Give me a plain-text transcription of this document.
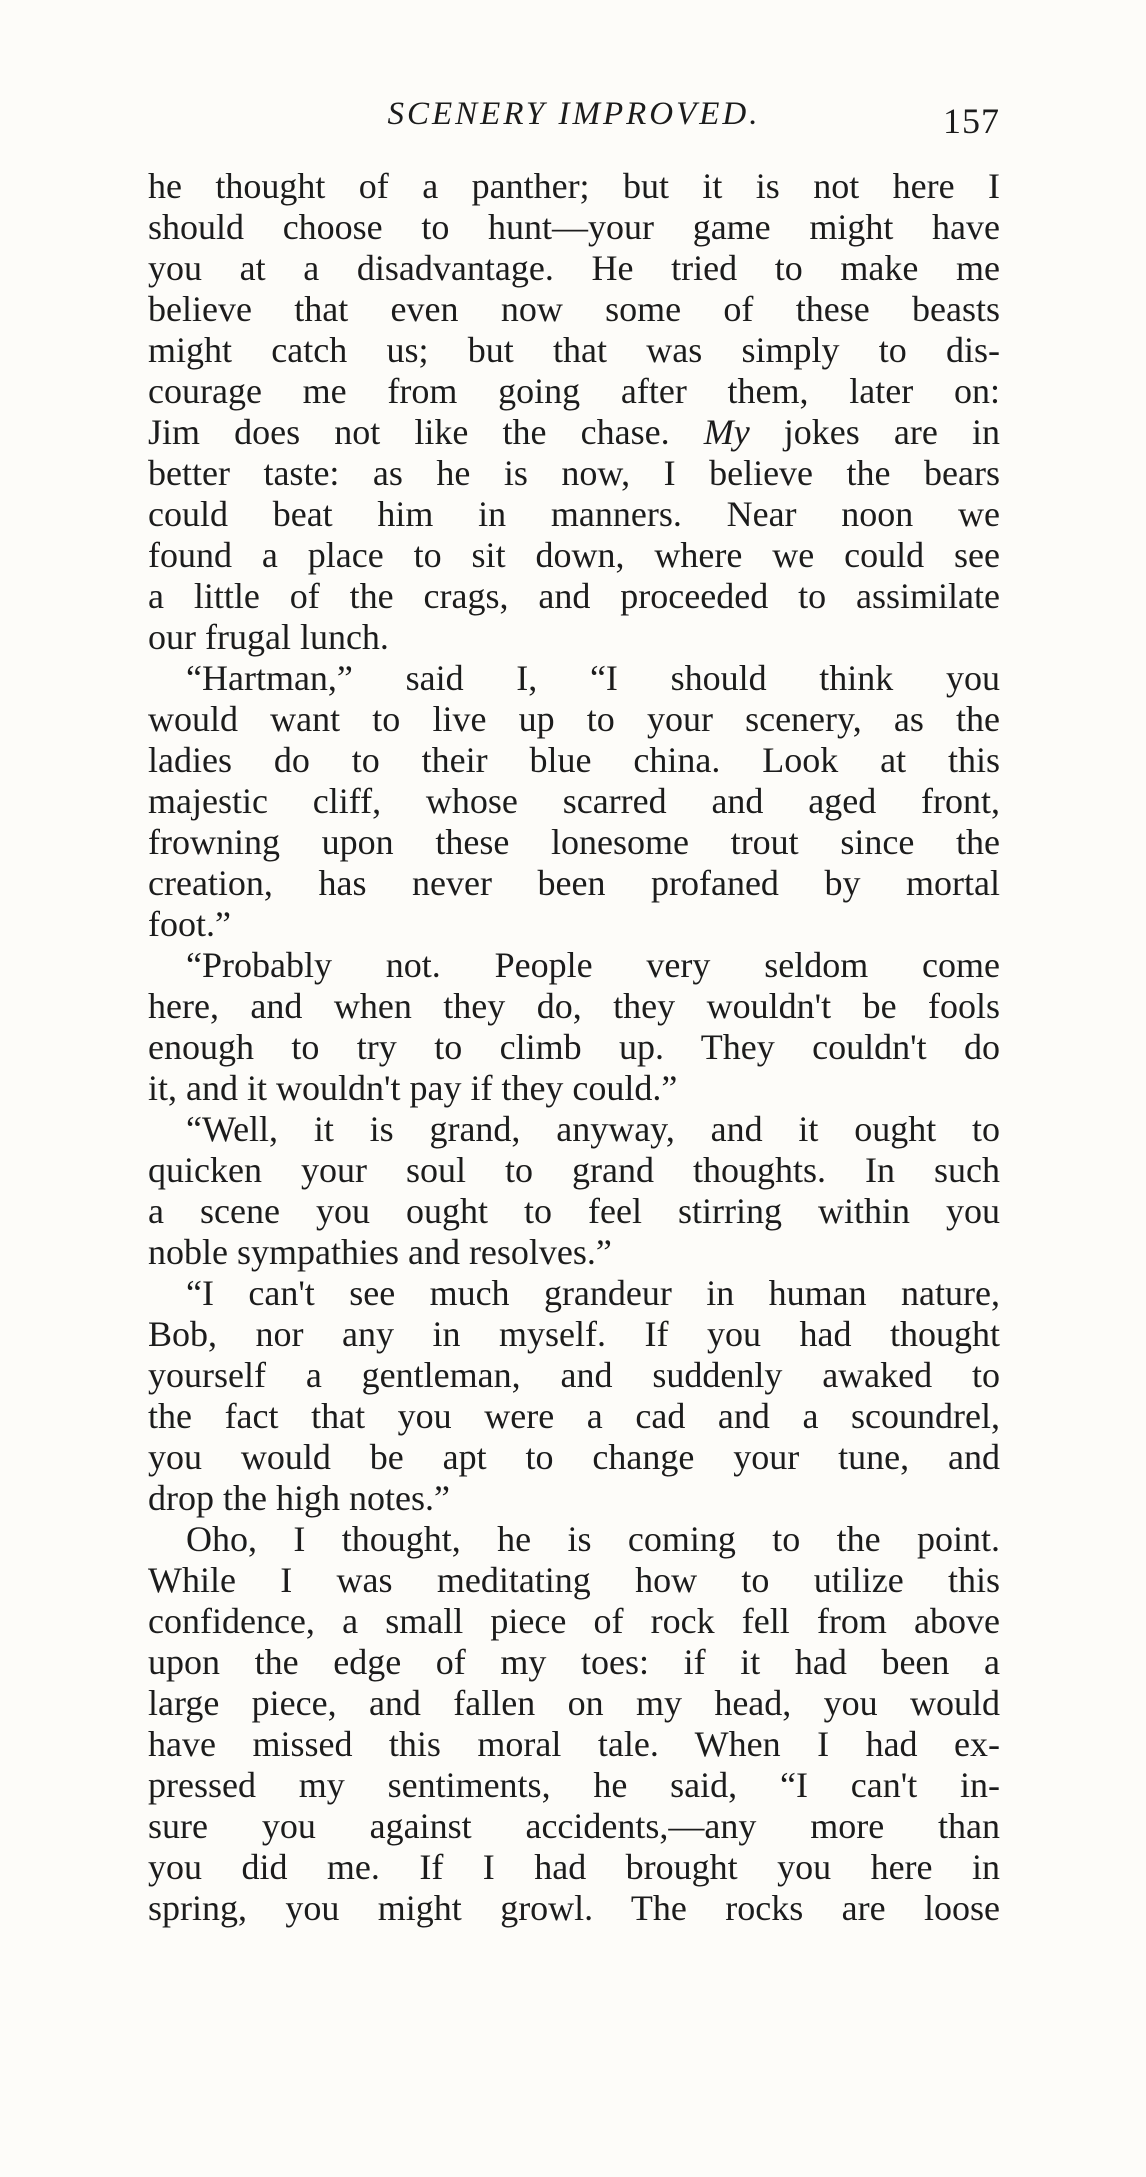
SCENERY IMPROVED.	157
he thought of a panther; but it is not here I
should choose to hunt—your game might have
you at a disadvantage. He tried to make me
believe that even now some of these beasts
might catch us; but that was simply to dis-
courage me from going after them, later on:
Jim does not like the chase. My jokes are in
better taste: as he is now, I believe the bears
could beat him in manners. Near noon we
found a place to sit down, where we could see
a little of the crags, and proceeded to assimilate
our frugal lunch.
“Hartman,” said I, “I should think you
would want to live up to your scenery, as the
ladies do to their blue china. Look at this
majestic cliff, whose scarred and aged front,
frowning upon these lonesome trout since the
creation, has never been profaned by mortal
foot.”
“Probably not. People very seldom come
here, and when they do, they wouldn't be fools
enough to try to climb up. They couldn't do
it, and it wouldn't pay if they could.”
“Well, it is grand, anyway, and it ought to
quicken your soul to grand thoughts. In such
a scene you ought to feel stirring within you
noble sympathies and resolves.”
“I can't see much grandeur in human nature,
Bob, nor any in myself. If you had thought
yourself a gentleman, and suddenly awaked to
the fact that you were a cad and a scoundrel,
you would be apt to change your tune, and
drop the high notes.”
Oho, I thought, he is coming to the point.
While I was meditating how to utilize this
confidence, a small piece of rock fell from above
upon the edge of my toes: if it had been a
large piece, and fallen on my head, you would
have missed this moral tale. When I had ex-
pressed my sentiments, he said, “I can't in-
sure you against accidents,—any more than
you did me. If I had brought you here in
spring, you might growl. The rocks are loose
